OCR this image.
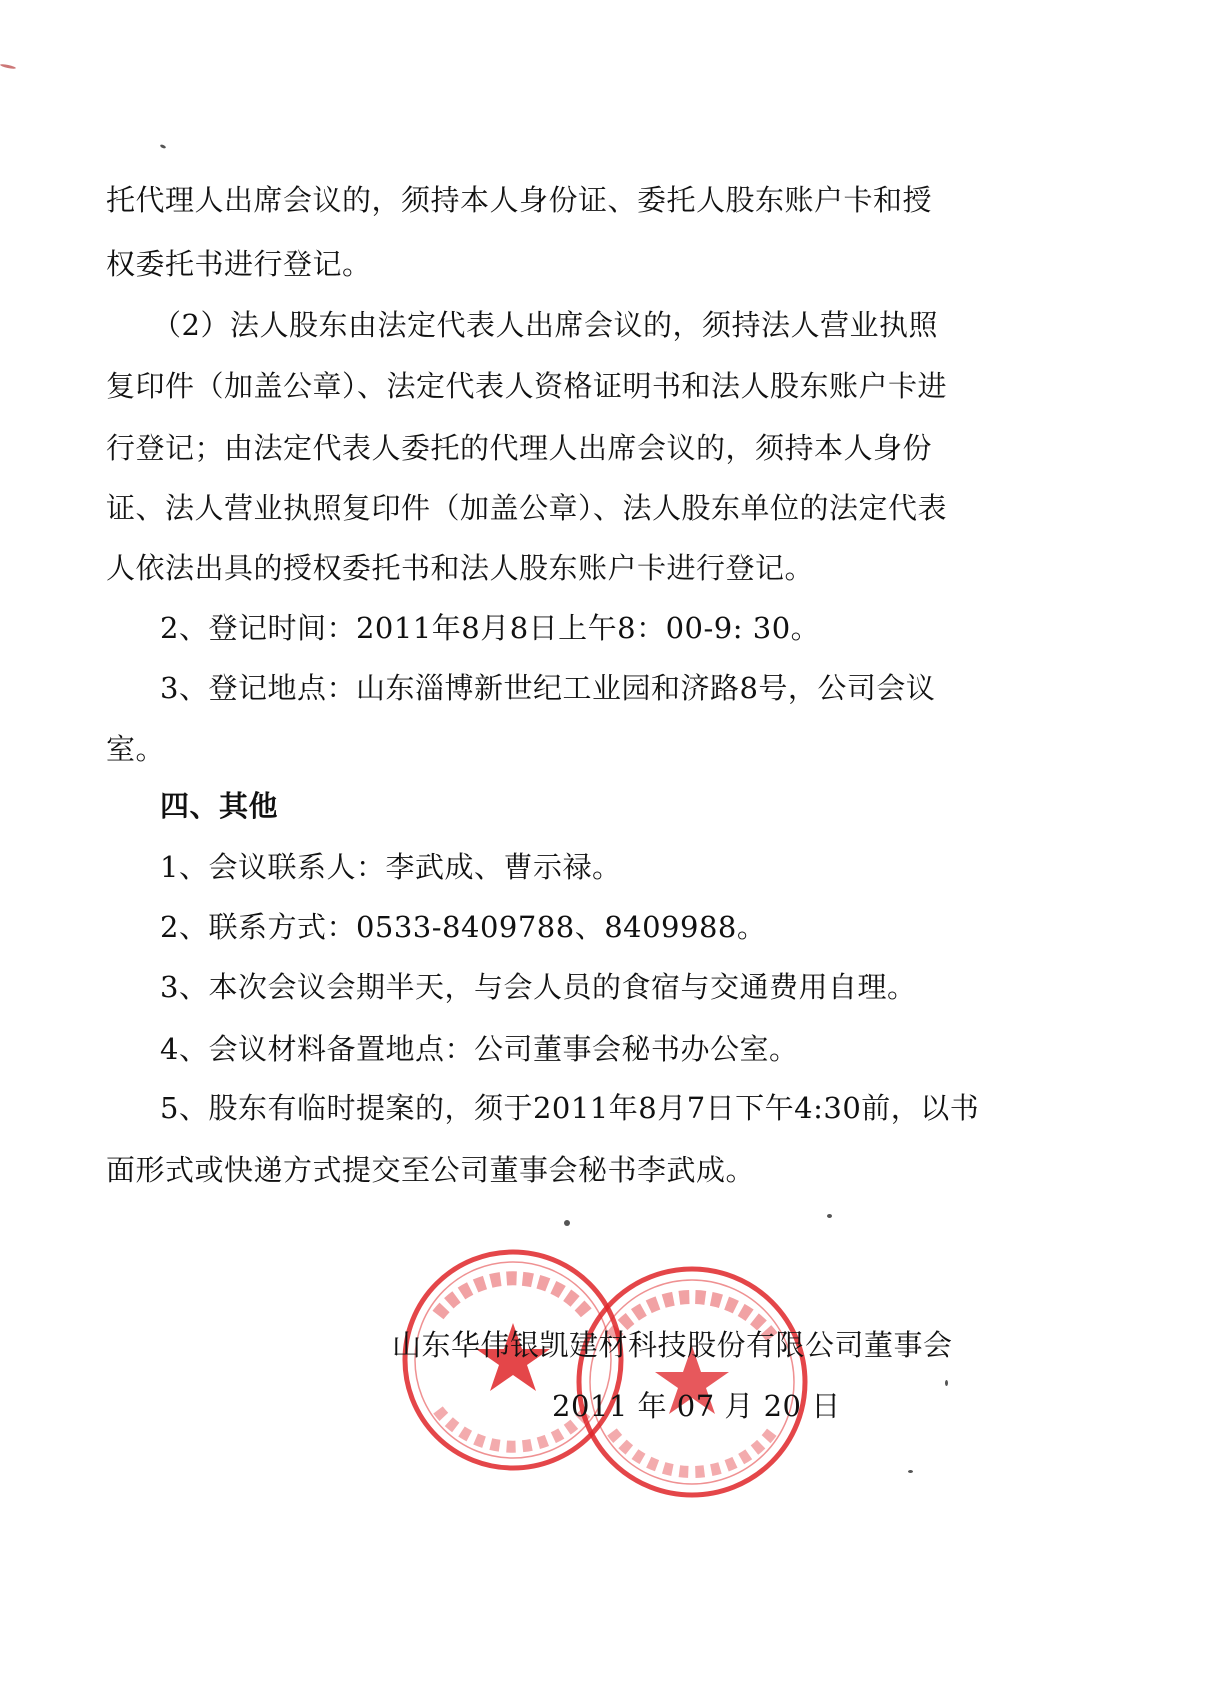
托代理人出席会议的，须持本人身份证、委托人股东账户卡和授
权委托书进行登记。
（2）法人股东由法定代表人出席会议的，须持法人营业执照
复印件（加盖公章）、法定代表人资格证明书和法人股东账户卡进
行登记；由法定代表人委托的代理人出席会议的，须持本人身份
证、法人营业执照复印件（加盖公章）、法人股东单位的法定代表
人依法出具的授权委托书和法人股东账户卡进行登记。
2、登记时间：2011年8月8日上午8：00-9: 30。
3、登记地点：山东淄博新世纪工业园和济路8号，公司会议
室。
四、其他
1、会议联系人：李武成、曹示禄。
2、联系方式：0533-8409788、8409988。
3、本次会议会期半天，与会人员的食宿与交通费用自理。
4、会议材料备置地点：公司董事会秘书办公室。
5、股东有临时提案的，须于2011年8月7日下午4:30前，以书
面形式或快递方式提交至公司董事会秘书李武成。
山东华伟银凯建材科技股份有限公司董事会
2011 年 07 月 20 日
